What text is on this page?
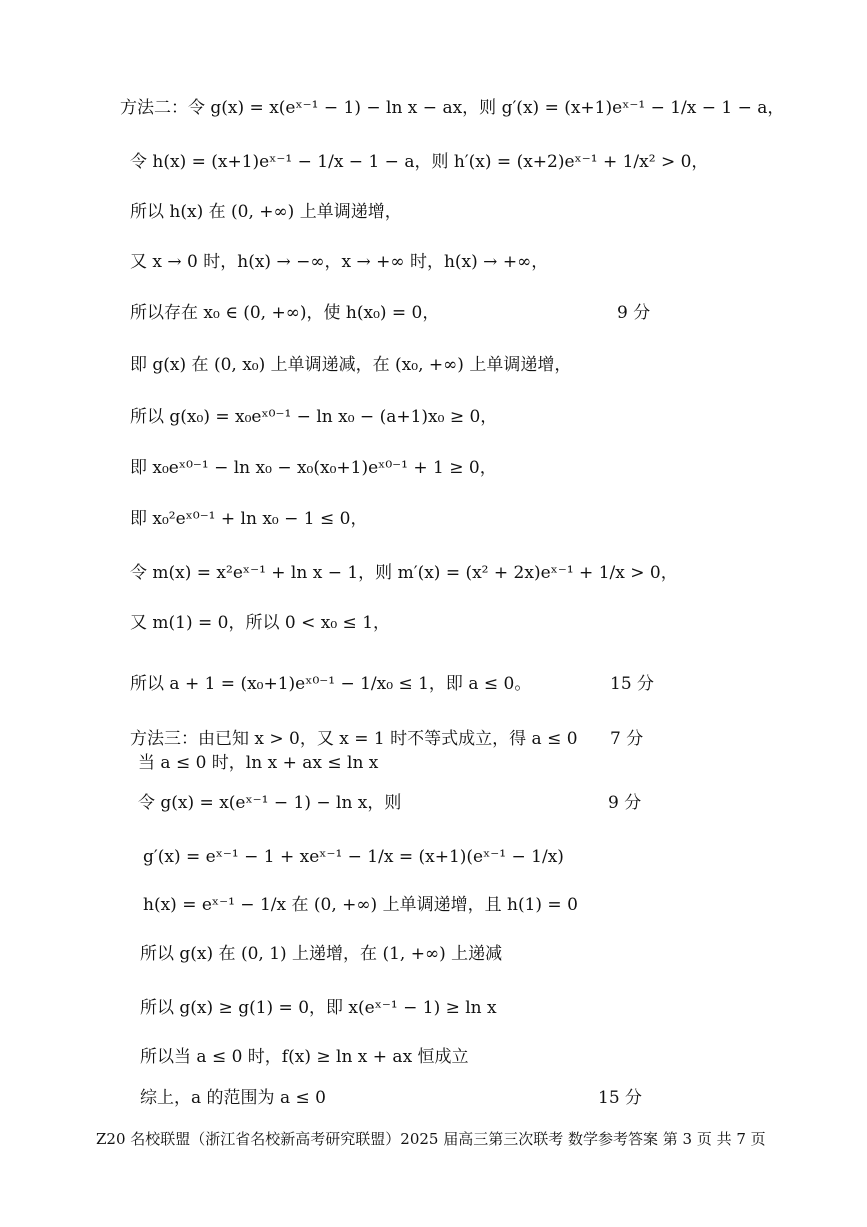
方法二：令 g(x) = x(eˣ⁻¹ − 1) − ln x − ax，则 g′(x) = (x+1)eˣ⁻¹ − 1/x − 1 − a，
令 h(x) = (x+1)eˣ⁻¹ − 1/x − 1 − a，则 h′(x) = (x+2)eˣ⁻¹ + 1/x² > 0，
所以 h(x) 在 (0, +∞) 上单调递增，
又 x → 0 时，h(x) → −∞，x → +∞ 时，h(x) → +∞，
所以存在 x₀ ∈ (0, +∞)，使 h(x₀) = 0，	9 分
即 g(x) 在 (0, x₀) 上单调递减，在 (x₀, +∞) 上单调递增，
所以 g(x₀) = x₀eˣ⁰⁻¹ − ln x₀ − (a+1)x₀ ≥ 0，
即 x₀eˣ⁰⁻¹ − ln x₀ − x₀(x₀+1)eˣ⁰⁻¹ + 1 ≥ 0，
即 x₀²eˣ⁰⁻¹ + ln x₀ − 1 ≤ 0，
令 m(x) = x²eˣ⁻¹ + ln x − 1，则 m′(x) = (x² + 2x)eˣ⁻¹ + 1/x > 0，
又 m(1) = 0，所以 0 < x₀ ≤ 1，
所以 a + 1 = (x₀+1)eˣ⁰⁻¹ − 1/x₀ ≤ 1，即 a ≤ 0。	15 分
方法三：由已知 x > 0，又 x = 1 时不等式成立，得 a ≤ 0 7 分
当 a ≤ 0 时，ln x + ax ≤ ln x
令 g(x) = x(eˣ⁻¹ − 1) − ln x，则	9 分
g′(x) = eˣ⁻¹ − 1 + xeˣ⁻¹ − 1/x = (x+1)(eˣ⁻¹ − 1/x)
h(x) = eˣ⁻¹ − 1/x 在 (0, +∞) 上单调递增，且 h(1) = 0
所以 g(x) 在 (0, 1) 上递增，在 (1, +∞) 上递减
所以 g(x) ≥ g(1) = 0，即 x(eˣ⁻¹ − 1) ≥ ln x
所以当 a ≤ 0 时，f(x) ≥ ln x + ax 恒成立
综上，a 的范围为 a ≤ 0	15 分
Z20 名校联盟（浙江省名校新高考研究联盟）2025 届高三第三次联考 数学参考答案 第 3 页 共 7 页
